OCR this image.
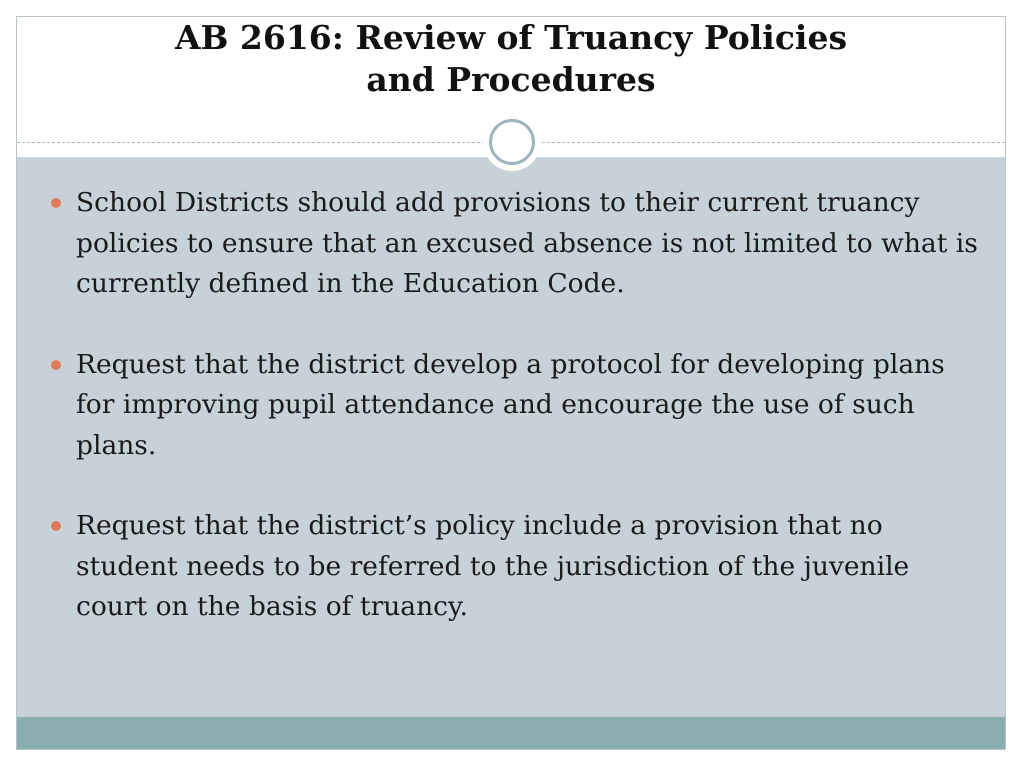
AB 2616: Review of Truancy Policies
and Procedures
School Districts should add provisions to their current truancy policies to ensure that an excused absence is not limited to what is currently defined in the Education Code.
Request that the district develop a protocol for developing plans for improving pupil attendance and encourage the use of such plans.
Request that the district’s policy include a provision that no student needs to be referred to the jurisdiction of the juvenile court on the basis of truancy.
